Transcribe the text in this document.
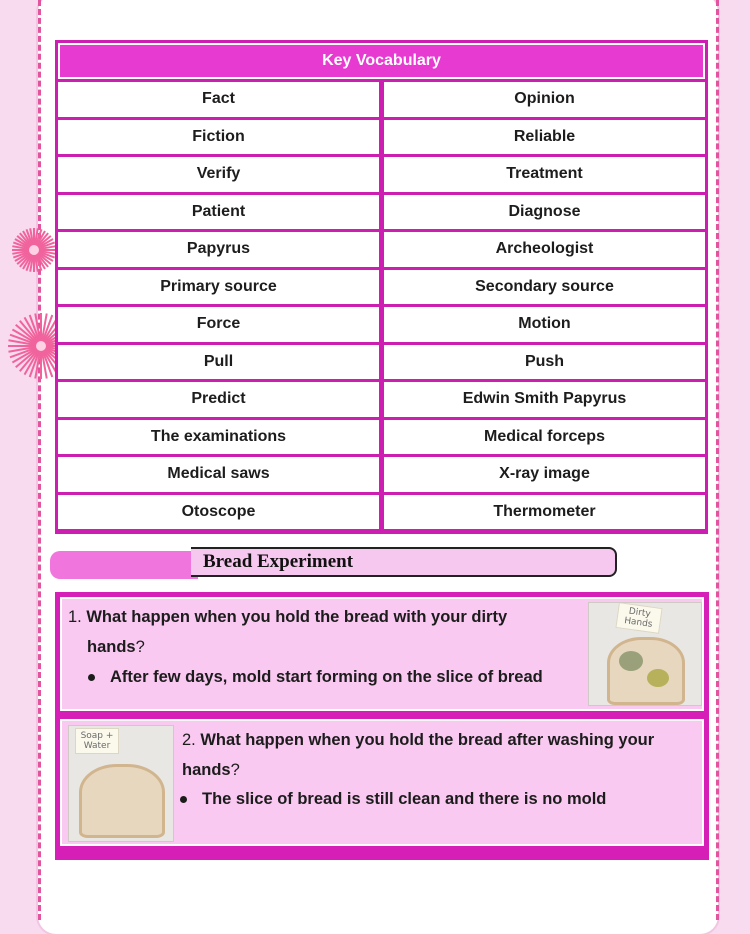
Key Vocabulary
Fact	Opinion
Fiction	Reliable
Verify	Treatment
Patient	Diagnose
Papyrus	Archeologist
Primary source	Secondary source
Force	Motion
Pull	Push
Predict	Edwin Smith Papyrus
The examinations	Medical forceps
Medical saws	X-ray image
Otoscope	Thermometer
Bread Experiment
1. What happen when you hold the bread with your dirty
hands?
After few days, mold start forming on the slice of bread
Dirty Hands
Soap + Water	2. What happen when you hold the bread after washing your
hands?
The slice of bread is still clean and there is no mold
